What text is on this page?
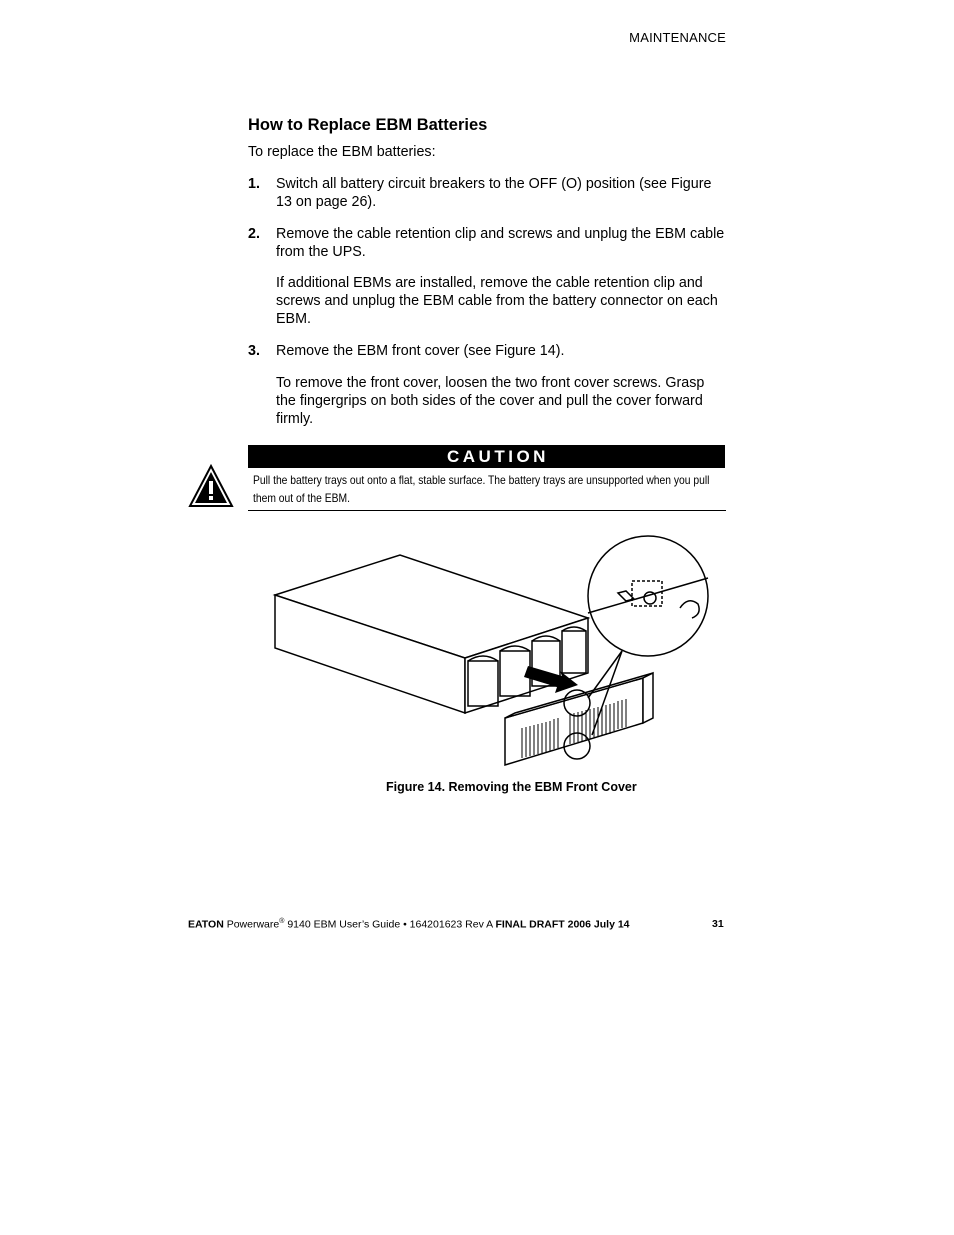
MAINTENANCE
How to Replace EBM Batteries
To replace the EBM batteries:
1. Switch all battery circuit breakers to the OFF (O) position (see Figure 13 on page 26).
2. Remove the cable retention clip and screws and unplug the EBM cable from the UPS.
If additional EBMs are installed, remove the cable retention clip and screws and unplug the EBM cable from the battery connector on each EBM.
3. Remove the EBM front cover (see Figure 14).
To remove the front cover, loosen the two front cover screws. Grasp the fingergrips on both sides of the cover and pull the cover forward firmly.
CAUTION
Pull the battery trays out onto a flat, stable surface. The battery trays are unsupported when you pull them out of the EBM.
Figure 14. Removing the EBM Front Cover
EATON Powerware® 9140 EBM User’s Guide • 164201623 Rev A FINAL DRAFT 2006 July 14	31
